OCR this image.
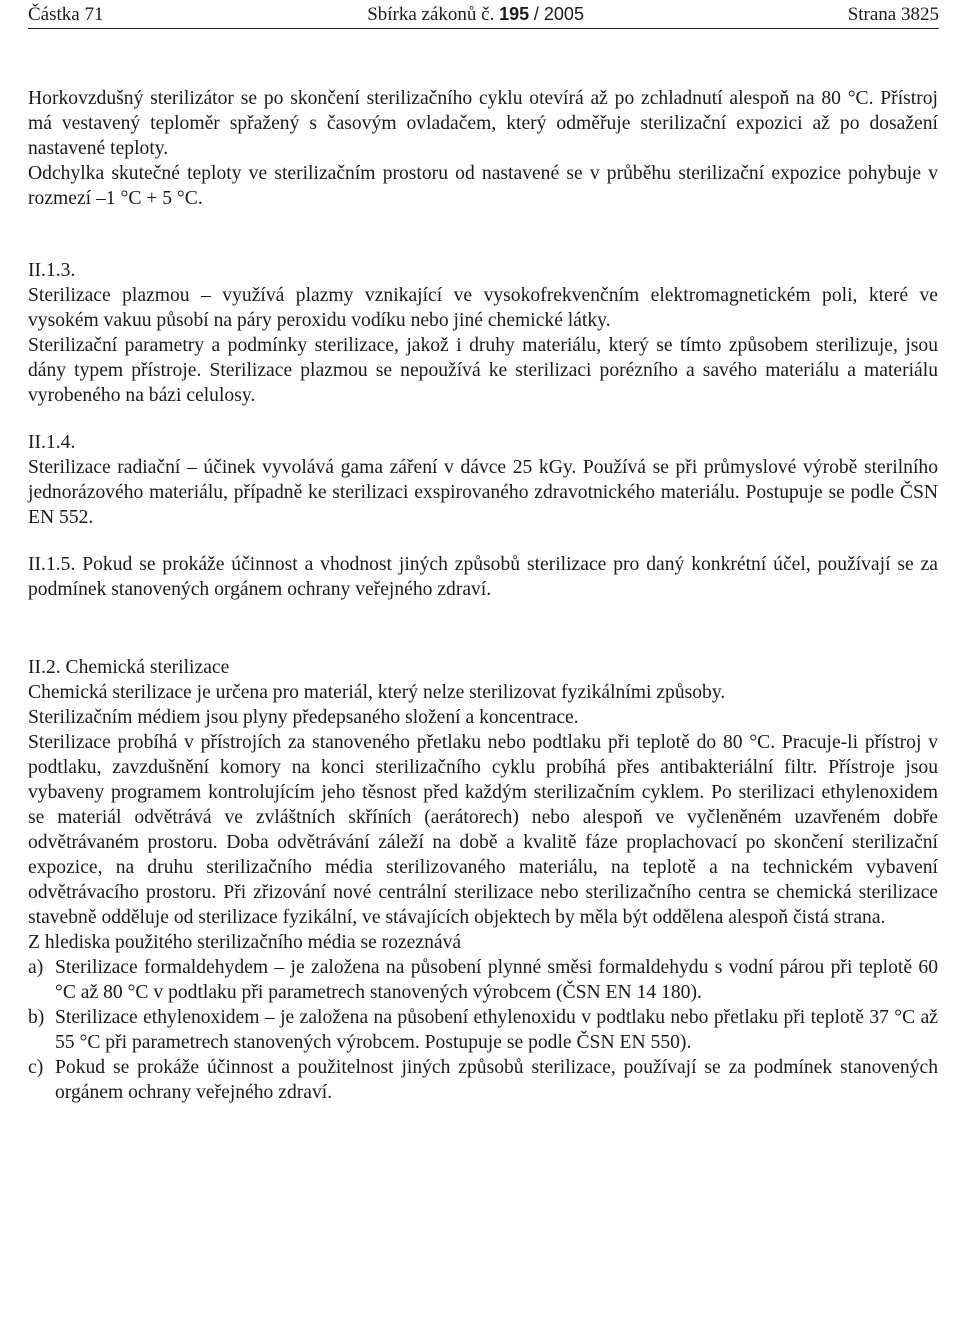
Částka 71	Sbírka zákonů č. 195 / 2005	Strana 3825

Horkovzdušný sterilizátor se po skončení sterilizačního cyklu otevírá až po zchladnutí alespoň na 80 °C. Přístroj má vestavený teploměr spřažený s časovým ovladačem, který odměřuje sterilizační expozici až po dosažení nastavené teploty.

Odchylka skutečné teploty ve sterilizačním prostoru od nastavené se v průběhu sterilizační expozice pohybuje v rozmezí –1 °C + 5 °C.

II.1.3.

Sterilizace plazmou – využívá plazmy vznikající ve vysokofrekvenčním elektromagnetickém poli, které ve vysokém vakuu působí na páry peroxidu vodíku nebo jiné chemické látky.

Sterilizační parametry a podmínky sterilizace, jakož i druhy materiálu, který se tímto způsobem sterilizuje, jsou dány typem přístroje. Sterilizace plazmou se nepoužívá ke sterilizaci porézního a savého materiálu a materiálu vyrobeného na bázi celulosy.

II.1.4.

Sterilizace radiační – účinek vyvolává gama záření v dávce 25 kGy. Používá se při průmyslové výrobě sterilního jednorázového materiálu, případně ke sterilizaci exspirovaného zdravotnického materiálu. Postupuje se podle ČSN EN 552.

II.1.5. Pokud se prokáže účinnost a vhodnost jiných způsobů sterilizace pro daný konkrétní účel, používají se za podmínek stanovených orgánem ochrany veřejného zdraví.

II.2. Chemická sterilizace

Chemická sterilizace je určena pro materiál, který nelze sterilizovat fyzikálními způsoby.

Sterilizačním médiem jsou plyny předepsaného složení a koncentrace.

Sterilizace probíhá v přístrojích za stanoveného přetlaku nebo podtlaku při teplotě do 80 °C. Pracuje-li přístroj v podtlaku, zavzdušnění komory na konci sterilizačního cyklu probíhá přes antibakteriální filtr. Přístroje jsou vybaveny programem kontrolujícím jeho těsnost před každým sterilizačním cyklem. Po sterilizaci ethylenoxidem se materiál odvětrává ve zvláštních skříních (aerátorech) nebo alespoň ve vyčleněném uzavřeném dobře odvětrávaném prostoru. Doba odvětrávání záleží na době a kvalitě fáze proplachovací po skončení sterilizační expozice, na druhu sterilizačního média sterilizovaného materiálu, na teplotě a na technickém vybavení odvětrávacího prostoru. Při zřizování nové centrální sterilizace nebo sterilizačního centra se chemická sterilizace stavebně odděluje od sterilizace fyzikální, ve stávajících objektech by měla být oddělena alespoň čistá strana.

Z hlediska použitého sterilizačního média se rozeznává

a) Sterilizace formaldehydem – je založena na působení plynné směsi formaldehydu s vodní párou při teplotě 60 °C až 80 °C v podtlaku při parametrech stanovených výrobcem (ČSN EN 14 180).
b) Sterilizace ethylenoxidem – je založena na působení ethylenoxidu v podtlaku nebo přetlaku při teplotě 37 °C až 55 °C při parametrech stanovených výrobcem. Postupuje se podle ČSN EN 550).
c) Pokud se prokáže účinnost a použitelnost jiných způsobů sterilizace, používají se za podmínek stanovených orgánem ochrany veřejného zdraví.
